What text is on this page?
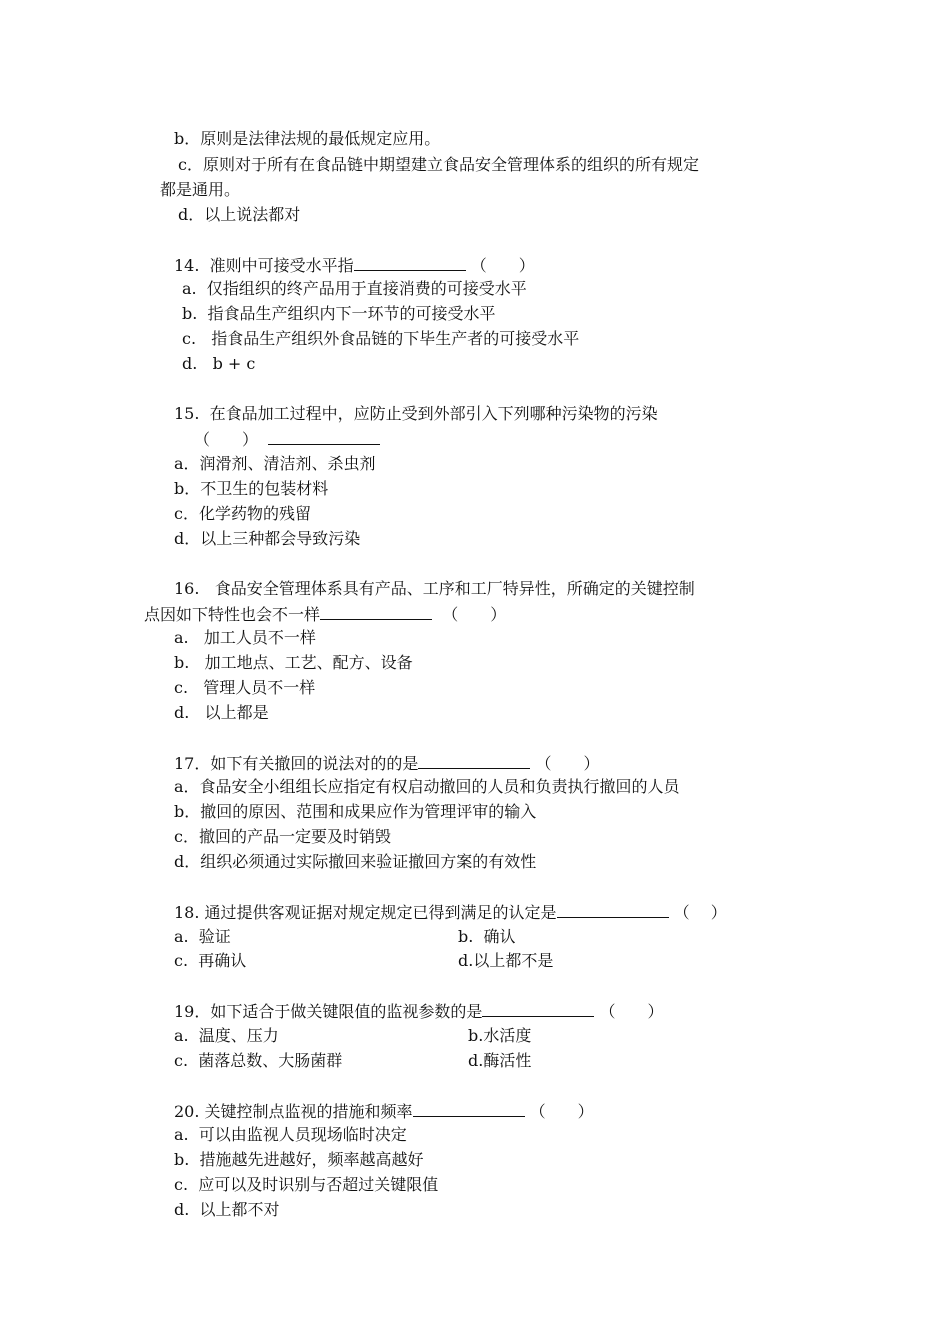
b．原则是法律法规的最低规定应用。
c．原则对于所有在食品链中期望建立食品安全管理体系的组织的所有规定
都是通用。
d．以上说法都对
14.  准则中可接受水平指	（　　）
a.  仅指组织的终产品用于直接消费的可接受水平
b.  指食品生产组织内下一环节的可接受水平
c.   指食品生产组织外食品链的下毕生产者的可接受水平
d.   b + c
15.  在食品加工过程中，应防止受到外部引入下列哪种污染物的污染
（　　）
a．润滑剂、清洁剂、杀虫剂
b．不卫生的包装材料
c．化学药物的残留
d．以上三种都会导致污染
16.   食品安全管理体系具有产品、工序和工厂特异性，所确定的关键控制
点因如下特性也会不一样	（　　）
a.   加工人员不一样
b.   加工地点、工艺、配方、设备
c.   管理人员不一样
d.   以上都是
17．如下有关撤回的说法对的的是	（　　）
a．食品安全小组组长应指定有权启动撤回的人员和负责执行撤回的人员
b．撤回的原因、范围和成果应作为管理评审的输入
c．撤回的产品一定要及时销毁
d．组织必须通过实际撤回来验证撤回方案的有效性
18. 通过提供客观证据对规定规定已得到满足的认定是	（　 ）
a.  验证	b.  确认
c.  再确认	d.以上都不是
19．如下适合于做关键限值的监视参数的是	（　　）
a.  温度、压力	b.水活度
c.  菌落总数、大肠菌群	d.酶活性
20. 关键控制点监视的措施和频率	（　　）
a.  可以由监视人员现场临时决定
b.  措施越先进越好，频率越高越好
c.  应可以及时识别与否超过关键限值
d.  以上都不对
